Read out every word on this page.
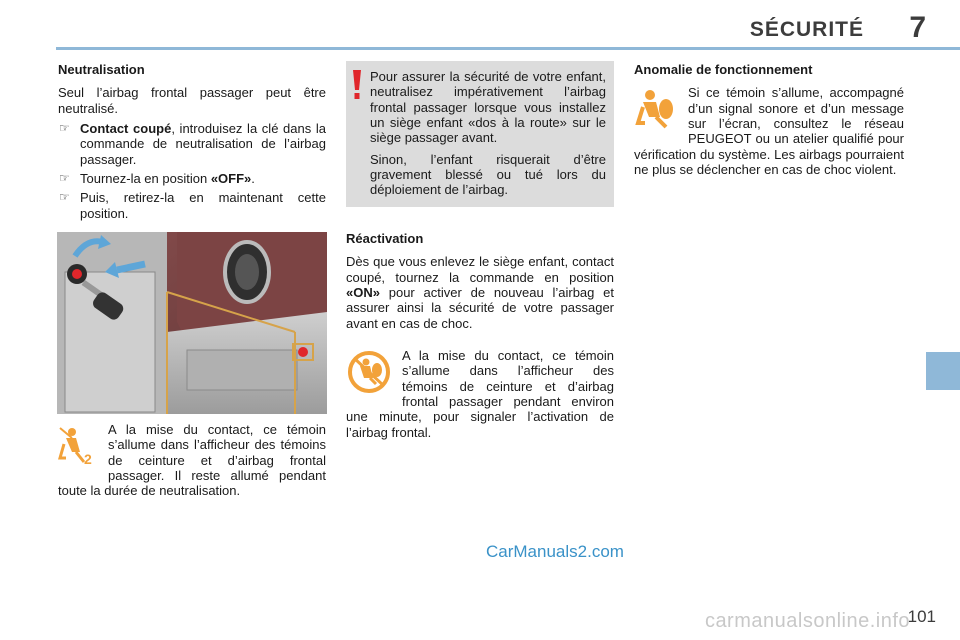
SÉCURITÉ 7
Neutralisation

Seul l’airbag frontal passager peut être neutralisé.

☞ Contact coupé, introduisez la clé dans la commande de neutralisation de l’airbag passager.
☞ Tournez-la en position «OFF».
☞ Puis, retirez-la en maintenant cette position.
2

A la mise du contact, ce témoin s’allume dans l’afficheur des témoins de ceinture et d’airbag frontal passager. Il reste allumé pendant toute la durée de neutralisation.

Pour assurer la sécurité de votre enfant, neutralisez impérativement l’airbag frontal passager lorsque vous installez un siège enfant «dos à la route» sur le siège passager avant.

Sinon, l’enfant risquerait d’être gravement blessé ou tué lors du déploiement de l’airbag.

Réactivation

Dès que vous enlevez le siège enfant, contact coupé, tournez la commande en position «ON» pour activer de nouveau l’airbag et assurer ainsi la sécurité de votre passager avant en cas de choc.

A la mise du contact, ce témoin s’allume dans l’afficheur des témoins de ceinture et d’airbag frontal passager pendant environ une minute, pour signaler l’activation de l’airbag frontal.

Anomalie de fonctionnement

Si ce témoin s’allume, accompagné d’un signal sonore et d’un message sur l’écran, consultez le réseau PEUGEOT ou un atelier qualifié pour vérification du système. Les airbags pourraient ne plus se déclencher en cas de choc violent.

CarManuals2.com
carmanualsonline.info
101
